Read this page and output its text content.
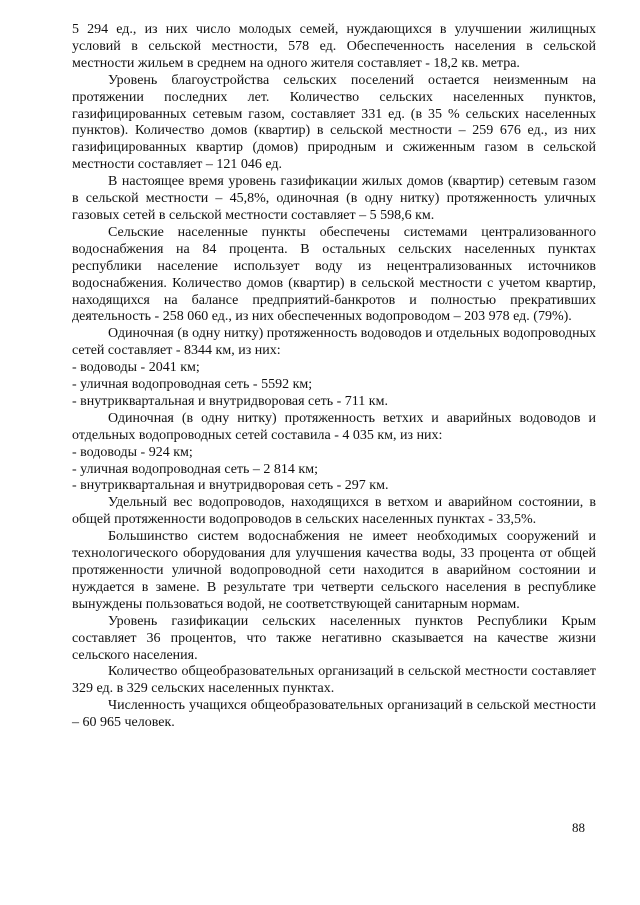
5 294 ед., из них число молодых семей, нуждающихся в улучшении жилищных условий в сельской местности, 578 ед. Обеспеченность населения в сельской местности жильем в среднем на одного жителя составляет - 18,2 кв. метра.

Уровень благоустройства сельских поселений остается неизменным на протяжении последних лет. Количество сельских населенных пунктов, газифицированных сетевым газом, составляет 331 ед. (в 35 % сельских населенных пунктов). Количество домов (квартир) в сельской местности – 259 676 ед., из них газифицированных квартир (домов) природным и сжиженным газом в сельской местности составляет – 121 046 ед.

В настоящее время уровень газификации жилых домов (квартир) сетевым газом в сельской местности – 45,8%, одиночная (в одну нитку) протяженность уличных газовых сетей в сельской местности составляет – 5 598,6 км.

Сельские населенные пункты обеспечены системами централизованного водоснабжения на 84 процента. В остальных сельских населенных пунктах республики население использует воду из нецентрализованных источников водоснабжения. Количество домов (квартир) в сельской местности с учетом квартир, находящихся на балансе предприятий-банкротов и полностью прекративших деятельность - 258 060 ед., из них обеспеченных водопроводом – 203 978 ед. (79%).

Одиночная (в одну нитку) протяженность водоводов и отдельных водопроводных сетей составляет - 8344 км, из них:

- водоводы - 2041 км;

- уличная водопроводная сеть - 5592 км;

- внутриквартальная и внутридворовая сеть - 711 км.

Одиночная (в одну нитку) протяженность ветхих и аварийных водоводов и отдельных водопроводных сетей составила - 4 035 км, из них:

- водоводы - 924 км;

- уличная водопроводная сеть – 2 814 км;

- внутриквартальная и внутридворовая сеть - 297 км.

Удельный вес водопроводов, находящихся в ветхом и аварийном состоянии, в общей протяженности водопроводов в сельских населенных пунктах - 33,5%.

Большинство систем водоснабжения не имеет необходимых сооружений и технологического оборудования для улучшения качества воды, 33 процента от общей протяженности уличной водопроводной сети находится в аварийном состоянии и нуждается в замене. В результате три четверти сельского населения в республике вынуждены пользоваться водой, не соответствующей санитарным нормам.

Уровень газификации сельских населенных пунктов Республики Крым составляет 36 процентов, что также негативно сказывается на качестве жизни сельского населения.

Количество общеобразовательных организаций в сельской местности составляет 329 ед. в 329 сельских населенных пунктах.

Численность учащихся общеобразовательных организаций в сельской местности – 60 965 человек.

88
